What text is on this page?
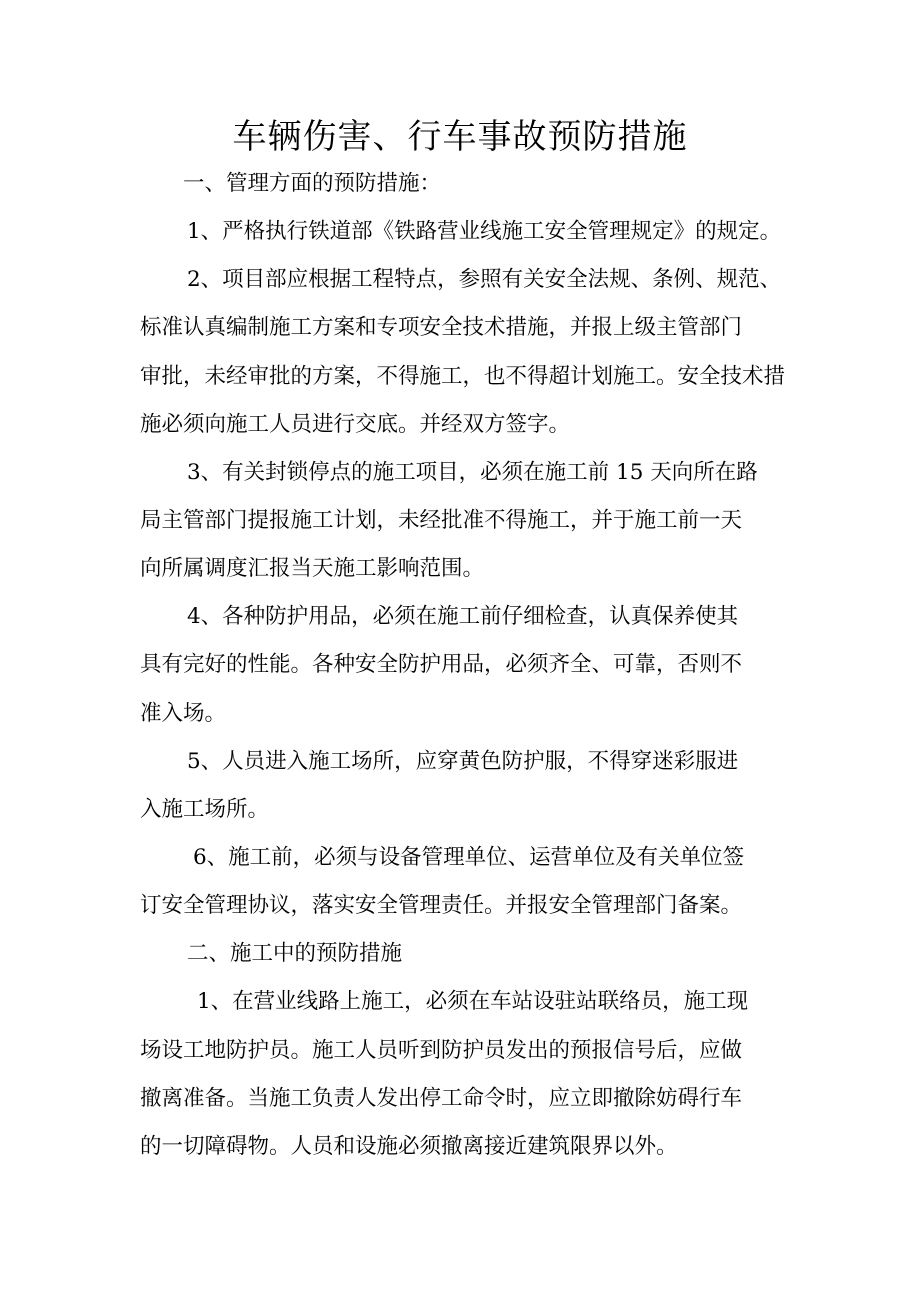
车辆伤害、行车事故预防措施
一、管理方面的预防措施：
1、严格执行铁道部《铁路营业线施工安全管理规定》的规定。
2、项目部应根据工程特点，参照有关安全法规、条例、规范、
标准认真编制施工方案和专项安全技术措施，并报上级主管部门
审批，未经审批的方案，不得施工，也不得超计划施工。安全技术措
施必须向施工人员进行交底。并经双方签字。
3、有关封锁停点的施工项目，必须在施工前 15 天向所在路
局主管部门提报施工计划，未经批准不得施工，并于施工前一天
向所属调度汇报当天施工影响范围。
4、各种防护用品，必须在施工前仔细检查，认真保养使其
具有完好的性能。各种安全防护用品，必须齐全、可靠，否则不
准入场。
5、人员进入施工场所，应穿黄色防护服，不得穿迷彩服进
入施工场所。
6、施工前，必须与设备管理单位、运营单位及有关单位签
订安全管理协议，落实安全管理责任。并报安全管理部门备案。
二、施工中的预防措施
1、在营业线路上施工，必须在车站设驻站联络员，施工现
场设工地防护员。施工人员听到防护员发出的预报信号后，应做
撤离准备。当施工负责人发出停工命令时，应立即撤除妨碍行车
的一切障碍物。人员和设施必须撤离接近建筑限界以外。
